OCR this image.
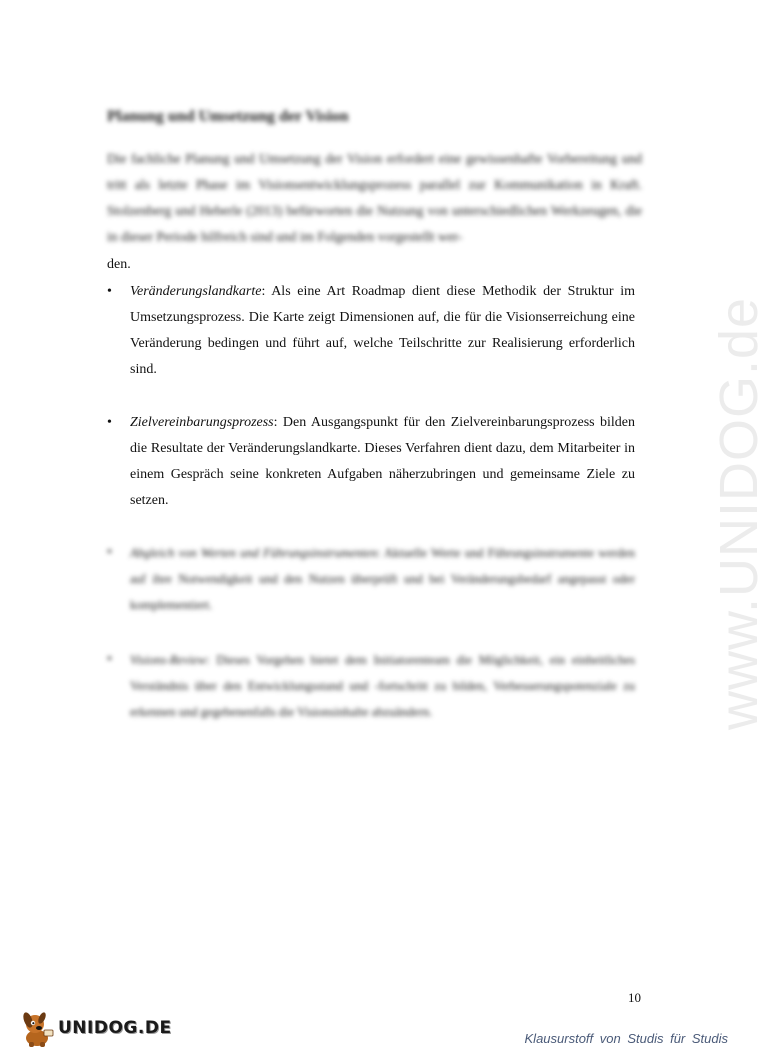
Planung und Umsetzung der Vision
Die fachliche Planung und Umsetzung der Vision erfordert eine gewissenhafte Vorbereitung und tritt als letzte Phase im Visionsentwicklungsprozess parallel zur Kommunikation in Kraft. Stolzenberg und Heberle (2013) befürworten die Nutzung von unterschiedlichen Werkzeugen, die in dieser Periode hilfreich sind und im Folgenden vorgestellt wer-
den.
• Veränderungslandkarte: Als eine Art Roadmap dient diese Methodik der Struktur im Umsetzungsprozess. Die Karte zeigt Dimensionen auf, die für die Visionserreichung eine Veränderung bedingen und führt auf, welche Teilschritte zur Realisierung erforderlich sind.
• Zielvereinbarungsprozess: Den Ausgangspunkt für den Zielvereinbarungsprozess bilden die Resultate der Veränderungslandkarte. Dieses Verfahren dient dazu, dem Mitarbeiter in einem Gespräch seine konkreten Aufgaben näherzubringen und gemeinsame Ziele zu setzen.
• Abgleich von Werten und Führungsinstrumenten: Aktuelle Werte und Führungsinstrumente werden auf ihre Notwendigkeit und den Nutzen überprüft und bei Veränderungsbedarf angepasst oder komplementiert.
• Visions-Review: Dieses Vorgehen bietet dem Initiatorenteam die Möglichkeit, ein einheitliches Verständnis über den Entwicklungsstand und -fortschritt zu bilden, Verbesserungspotenziale zu erkennen und gegebenenfalls die Visionsinhalte abzuändern.
10
www.UNIDOG.de
UNIDOG.DE
Klausurstoff von Studis für Studis
